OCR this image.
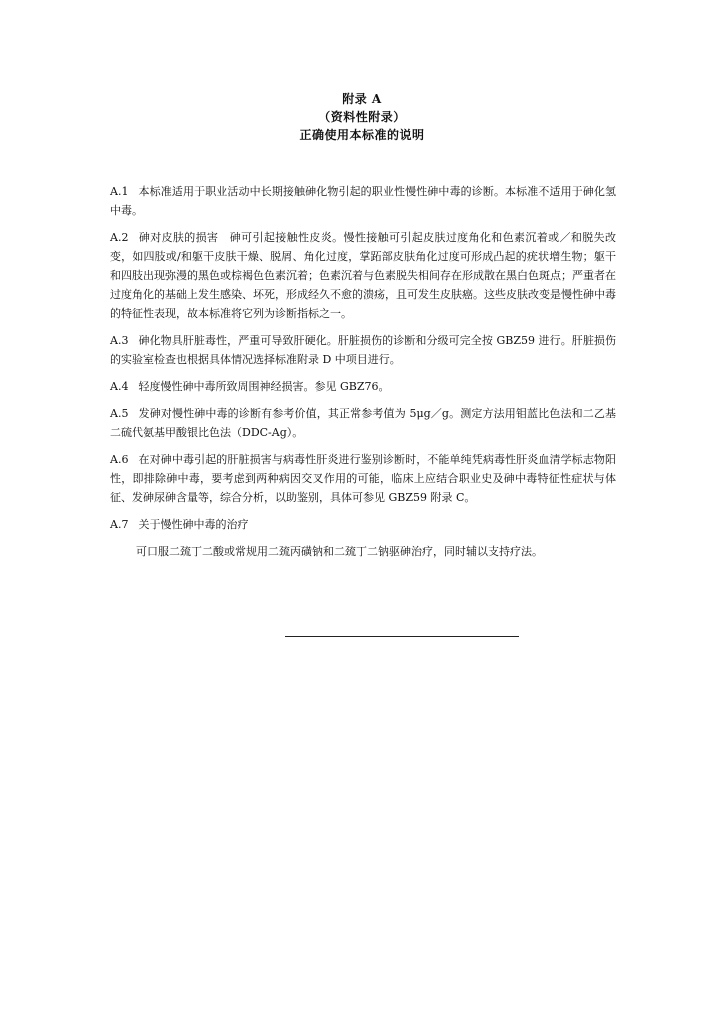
附录 A
（资料性附录）
正确使用本标准的说明

A.1 本标准适用于职业活动中长期接触砷化物引起的职业性慢性砷中毒的诊断。本标准不适用于砷化氢中毒。

A.2 砷对皮肤的损害　砷可引起接触性皮炎。慢性接触可引起皮肤过度角化和色素沉着或／和脱失改变，如四肢或/和躯干皮肤干燥、脱屑、角化过度，掌跖部皮肤角化过度可形成凸起的疣状增生物；躯干和四肢出现弥漫的黑色或棕褐色色素沉着；色素沉着与色素脱失相间存在形成散在黑白色斑点；严重者在过度角化的基础上发生感染、坏死，形成经久不愈的溃疡，且可发生皮肤癌。这些皮肤改变是慢性砷中毒的特征性表现，故本标准将它列为诊断指标之一。

A.3 砷化物具肝脏毒性，严重可导致肝硬化。肝脏损伤的诊断和分级可完全按 GBZ59 进行。肝脏损伤的实验室检查也根据具体情况选择标准附录 D 中项目进行。

A.4 轻度慢性砷中毒所致周围神经损害。参见 GBZ76。

A.5 发砷对慢性砷中毒的诊断有参考价值，其正常参考值为 5μg／g。测定方法用钼蓝比色法和二乙基二硫代氨基甲酸银比色法（DDC-Ag）。

A.6 在对砷中毒引起的肝脏损害与病毒性肝炎进行鉴别诊断时，不能单纯凭病毒性肝炎血清学标志物阳性，即排除砷中毒，要考虑到两种病因交叉作用的可能，临床上应结合职业史及砷中毒特征性症状与体征、发砷尿砷含量等，综合分析，以助鉴别，具体可参见 GBZ59 附录 C。

A.7 关于慢性砷中毒的治疗

可口服二巯丁二酸或常规用二巯丙磺钠和二巯丁二钠驱砷治疗，同时辅以支持疗法。
